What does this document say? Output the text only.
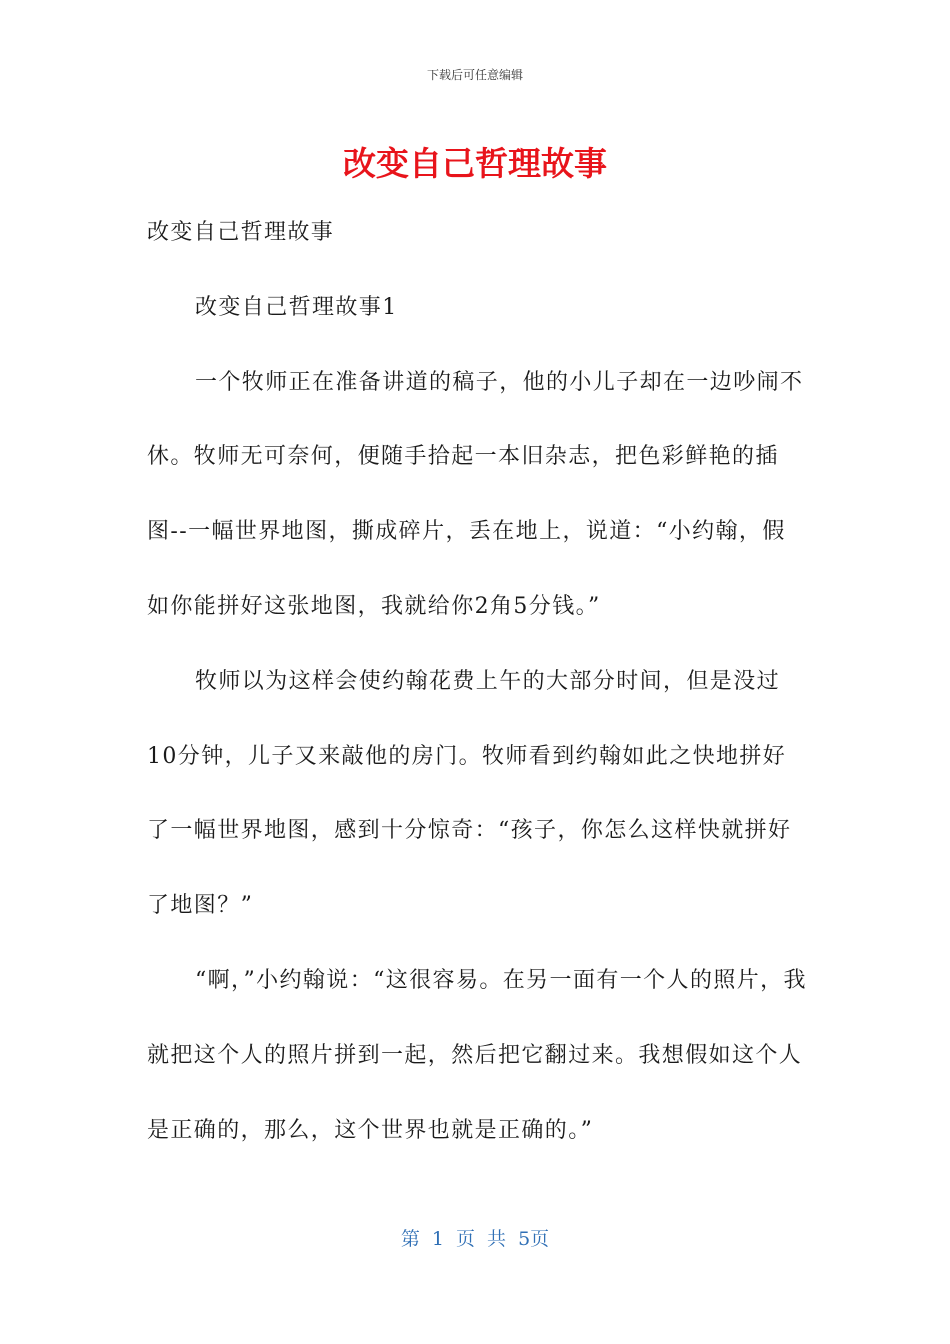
下载后可任意编辑
改变自己哲理故事

改变自己哲理故事

改变自己哲理故事1

一个牧师正在准备讲道的稿子，他的小儿子却在一边吵闹不休。牧师无可奈何，便随手拾起一本旧杂志，把色彩鲜艳的插图--一幅世界地图，撕成碎片，丢在地上，说道：“小约翰，假如你能拼好这张地图，我就给你2角5分钱。”

牧师以为这样会使约翰花费上午的大部分时间，但是没过10分钟，儿子又来敲他的房门。牧师看到约翰如此之快地拼好了一幅世界地图，感到十分惊奇：“孩子，你怎么这样快就拼好了地图？”

“啊，”小约翰说：“这很容易。在另一面有一个人的照片，我就把这个人的照片拼到一起，然后把它翻过来。我想假如这个人是正确的，那么，这个世界也就是正确的。”

第 1 页 共 5页
